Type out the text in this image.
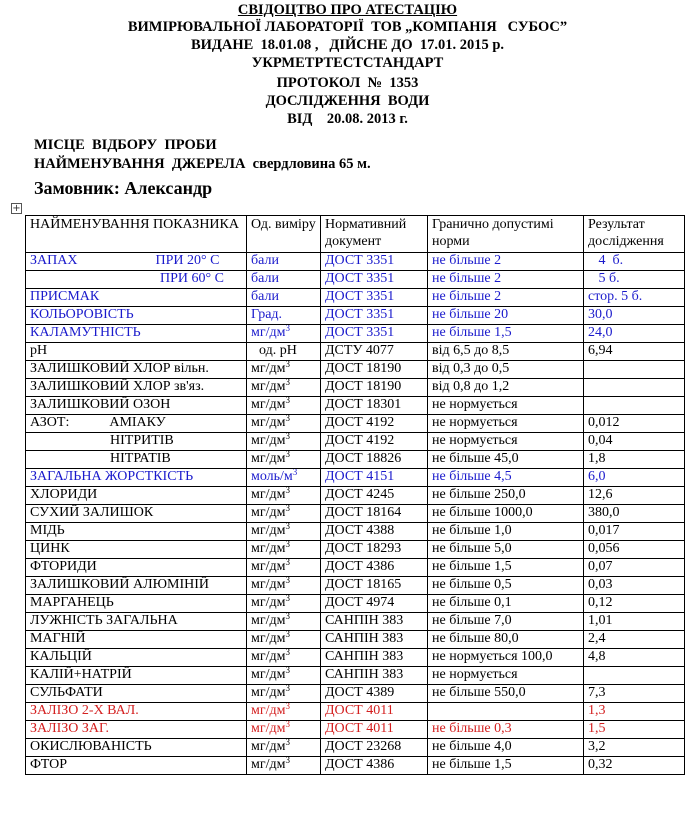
СВІДОЦТВО ПРО АТЕСТАЦІЮ
ВИМІРЮВАЛЬНОЇ ЛАБОРАТОРІЇ  ТОВ „КОМПАНІЯ   СУБОС”
ВИДАНЕ  18.01.08 ,   ДІЙСНЕ ДО  17.01. 2015 р.
УКРМЕТРТЕСТСТАНДАРТ
ПРОТОКОЛ  №  1353
ДОСЛІДЖЕННЯ  ВОДИ
ВІД    20.08. 2013 г.
МІСЦЕ  ВІДБОРУ  ПРОБИ
НАЙМЕНУВАННЯ  ДЖЕРЕЛА  свердловина 65 м.
Замовник: Александр
+
НАЙМЕНУВАННЯ ПОКАЗНИКА	Од. виміру	Нормативний документ	Гранично допустимі норми	Результат дослідження
ЗАПАХ ПРИ 20° С	бали	ДОСТ 3351	не більше 2	4  б.
ПРИ 60° С	бали	ДОСТ 3351	не більше 2	5 б.
ПРИСМАК	бали	ДОСТ 3351	не більше 2	стор. 5 б.
КОЛЬОРОВІСТЬ	Град.	ДОСТ 3351	не більше 20	30,0
КАЛАМУТНІСТЬ	$мг/дм^3$	ДОСТ 3351	не більше 1,5	24,0
pH	од. рН	ДСТУ 4077	від 6,5 до 8,5	6,94
ЗАЛИШКОВИЙ ХЛОР вільн.	$мг/дм^3$	ДОСТ 18190	від 0,3 до 0,5	
ЗАЛИШКОВИЙ ХЛОР зв'яз.	$мг/дм^3$	ДОСТ 18190	від 0,8 до 1,2	
ЗАЛИШКОВИЙ ОЗОН	$мг/дм^3$	ДОСТ 18301	не нормується	
АЗОТ: АМІАКУ	$мг/дм^3$	ДОСТ 4192	не нормується	0,012
НІТРИТІВ	$мг/дм^3$	ДОСТ 4192	не нормується	0,04
НІТРАТІВ	$мг/дм^3$	ДОСТ 18826	не більше 45,0	1,8
ЗАГАЛЬНА ЖОРСТКІСТЬ	моль/$м^3$	ДОСТ 4151	не більше 4,5	6,0
ХЛОРИДИ	$мг/дм^3$	ДОСТ 4245	не більше 250,0	12,6
СУХИЙ ЗАЛИШОК	$мг/дм^3$	ДОСТ 18164	не більше 1000,0	380,0
МІДЬ	$мг/дм^3$	ДОСТ 4388	не більше 1,0	0,017
ЦИНК	$мг/дм^3$	ДОСТ 18293	не більше 5,0	0,056
ФТОРИДИ	$мг/дм^3$	ДОСТ 4386	не більше 1,5	0,07
ЗАЛИШКОВИЙ АЛЮМІНІЙ	$мг/дм^3$	ДОСТ 18165	не більше 0,5	0,03
МАРГАНЕЦЬ	$мг/дм^3$	ДОСТ 4974	не більше 0,1	0,12
ЛУЖНІСТЬ ЗАГАЛЬНА	$мг/дм^3$	САНПІН 383	не більше 7,0	1,01
МАГНІЙ	$мг/дм^3$	САНПІН 383	не більше 80,0	2,4
КАЛЬЦІЙ	$мг/дм^3$	САНПІН 383	не нормується 100,0	4,8
КАЛІЙ+НАТРІЙ	$мг/дм^3$	САНПІН 383	не нормується	
СУЛЬФАТИ	$мг/дм^3$	ДОСТ 4389	не більше 550,0	7,3
ЗАЛІЗО 2-Х ВАЛ.	$мг/дм^3$	ДОСТ 4011		1,3
ЗАЛІЗО ЗАГ.	$мг/дм^3$	ДОСТ 4011	не більше 0,3	1,5
ОКИСЛЮВАНІСТЬ	$мг/дм^3$	ДОСТ 23268	не більше 4,0	3,2
ФТОР	$мг/дм^3$	ДОСТ 4386	не більше 1,5	0,32
